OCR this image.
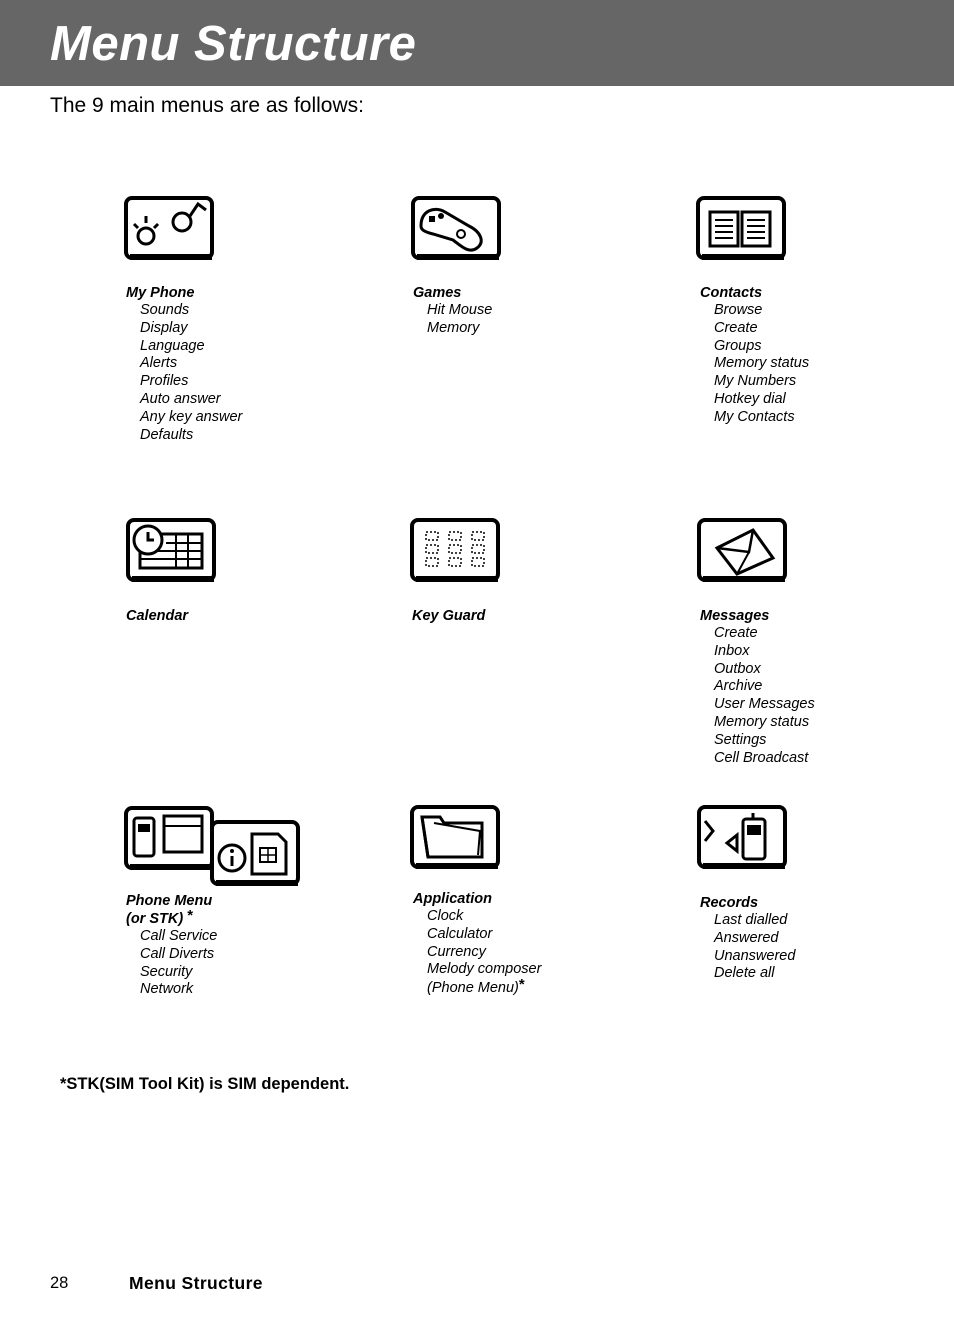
Menu Structure

The 9 main menus are as follows:

My Phone
Sounds
Display
Language
Alerts
Profiles
Auto answer
Any key answer
Defaults
Games
Hit Mouse
Memory
Contacts
Browse
Create
Groups
Memory status
My Numbers
Hotkey dial
My Contacts
Calendar	Key Guard	Messages
Create
Inbox
Outbox
Archive
User Messages
Memory status
Settings
Cell Broadcast
Phone Menu
(or STK) *
Call Service
Call Diverts
Security
Network
Application
Clock
Calculator
Currency
Melody composer
(Phone Menu)*
Records
Last dialled
Answered
Unanswered
Delete all
*STK(SIM Tool Kit) is SIM dependent.
28	Menu Structure
